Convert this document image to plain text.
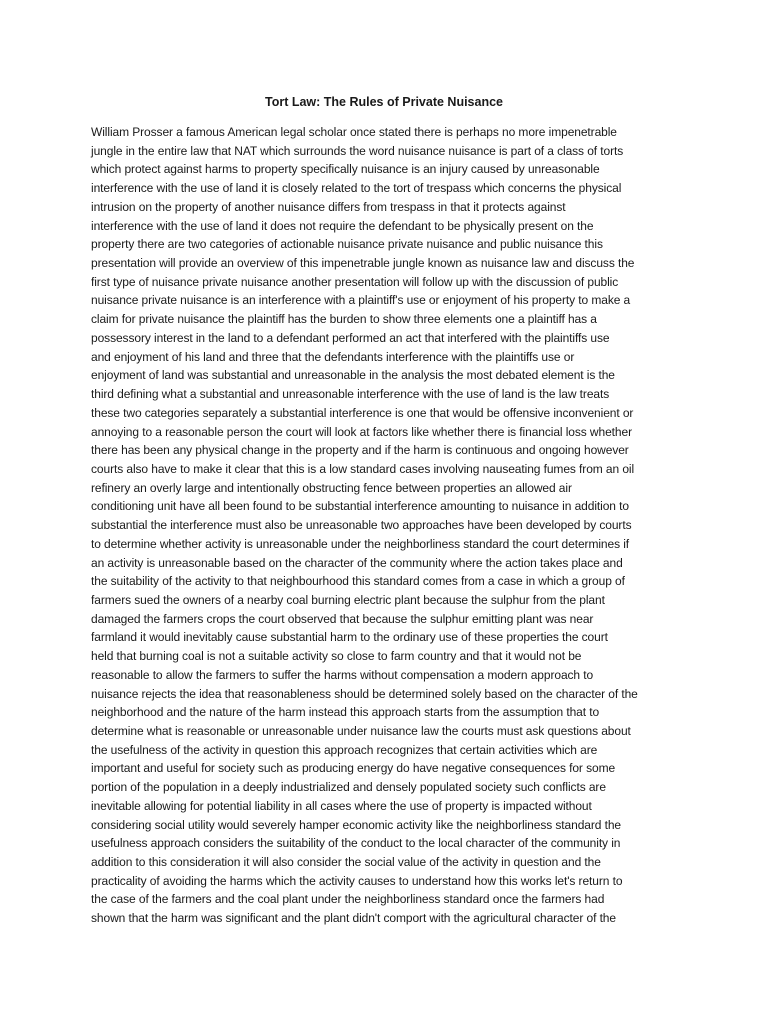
Tort Law: The Rules of Private Nuisance
William Prosser a famous American legal scholar once stated there is perhaps no more impenetrable
jungle in the entire law that NAT which surrounds the word nuisance nuisance is part of a class of torts
which protect against harms to property specifically nuisance is an injury caused by unreasonable
interference with the use of land it is closely related to the tort of trespass which concerns the physical
intrusion on the property of another nuisance differs from trespass in that it protects against
interference with the use of land it does not require the defendant to be physically present on the
property there are two categories of actionable nuisance private nuisance and public nuisance this
presentation will provide an overview of this impenetrable jungle known as nuisance law and discuss the
first type of nuisance private nuisance another presentation will follow up with the discussion of public
nuisance private nuisance is an interference with a plaintiff's use or enjoyment of his property to make a
claim for private nuisance the plaintiff has the burden to show three elements one a plaintiff has a
possessory interest in the land to a defendant performed an act that interfered with the plaintiffs use
and enjoyment of his land and three that the defendants interference with the plaintiffs use or
enjoyment of land was substantial and unreasonable in the analysis the most debated element is the
third defining what a substantial and unreasonable interference with the use of land is the law treats
these two categories separately a substantial interference is one that would be offensive inconvenient or
annoying to a reasonable person the court will look at factors like whether there is financial loss whether
there has been any physical change in the property and if the harm is continuous and ongoing however
courts also have to make it clear that this is a low standard cases involving nauseating fumes from an oil
refinery an overly large and intentionally obstructing fence between properties an allowed air
conditioning unit have all been found to be substantial interference amounting to nuisance in addition to
substantial the interference must also be unreasonable two approaches have been developed by courts
to determine whether activity is unreasonable under the neighborliness standard the court determines if
an activity is unreasonable based on the character of the community where the action takes place and
the suitability of the activity to that neighbourhood this standard comes from a case in which a group of
farmers sued the owners of a nearby coal burning electric plant because the sulphur from the plant
damaged the farmers crops the court observed that because the sulphur emitting plant was near
farmland it would inevitably cause substantial harm to the ordinary use of these properties the court
held that burning coal is not a suitable activity so close to farm country and that it would not be
reasonable to allow the farmers to suffer the harms without compensation a modern approach to
nuisance rejects the idea that reasonableness should be determined solely based on the character of the
neighborhood and the nature of the harm instead this approach starts from the assumption that to
determine what is reasonable or unreasonable under nuisance law the courts must ask questions about
the usefulness of the activity in question this approach recognizes that certain activities which are
important and useful for society such as producing energy do have negative consequences for some
portion of the population in a deeply industrialized and densely populated society such conflicts are
inevitable allowing for potential liability in all cases where the use of property is impacted without
considering social utility would severely hamper economic activity like the neighborliness standard the
usefulness approach considers the suitability of the conduct to the local character of the community in
addition to this consideration it will also consider the social value of the activity in question and the
practicality of avoiding the harms which the activity causes to understand how this works let's return to
the case of the farmers and the coal plant under the neighborliness standard once the farmers had
shown that the harm was significant and the plant didn't comport with the agricultural character of the
